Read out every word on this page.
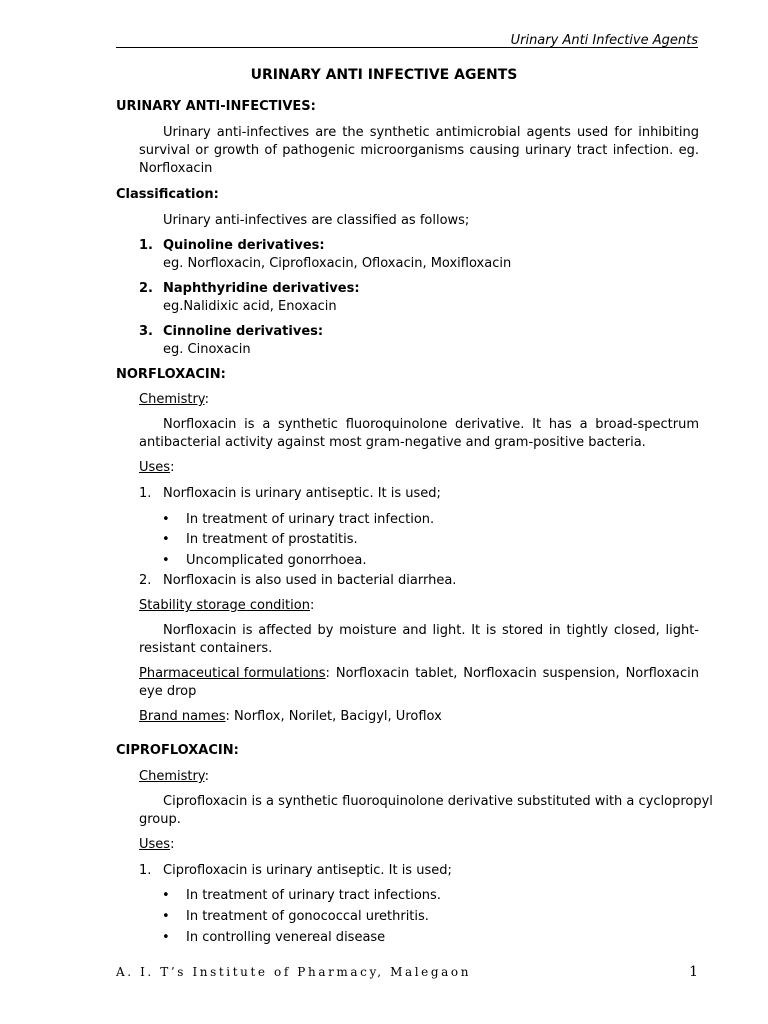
Urinary Anti Infective Agents
URINARY ANTI INFECTIVE AGENTS
URINARY ANTI-INFECTIVES:
Urinary anti-infectives are the synthetic antimicrobial agents used for inhibiting
survival or growth of pathogenic microorganisms causing urinary tract infection. eg.
Norfloxacin
Classification:
Urinary anti-infectives are classified as follows;
1. Quinoline derivatives:
eg. Norfloxacin, Ciprofloxacin, Ofloxacin, Moxifloxacin
2. Naphthyridine derivatives:
eg.Nalidixic acid, Enoxacin
3. Cinnoline derivatives:
eg. Cinoxacin
NORFLOXACIN:
Chemistry:
Norfloxacin is a synthetic fluoroquinolone derivative. It has a broad-spectrum
antibacterial activity against most gram-negative and gram-positive bacteria.
Uses:
1. Norfloxacin is urinary antiseptic. It is used;
• In treatment of urinary tract infection.
• In treatment of prostatitis.
• Uncomplicated gonorrhoea.
2. Norfloxacin is also used in bacterial diarrhea.
Stability storage condition:
Norfloxacin is affected by moisture and light. It is stored in tightly closed, light-
resistant containers.
Pharmaceutical formulations : Norfloxacin tablet, Norfloxacin suspension, Norfloxacin
eye drop
Brand names: Norflox, Norilet, Bacigyl, Uroflox
CIPROFLOXACIN:
Chemistry:
Ciprofloxacin is a synthetic fluoroquinolone derivative substituted with a cyclopropyl
group.
Uses:
1. Ciprofloxacin is urinary antiseptic. It is used;
• In treatment of urinary tract infections.
• In treatment of gonococcal urethritis.
• In controlling venereal disease
A. I. T’s Institute of Pharmacy, Malegaon	1
